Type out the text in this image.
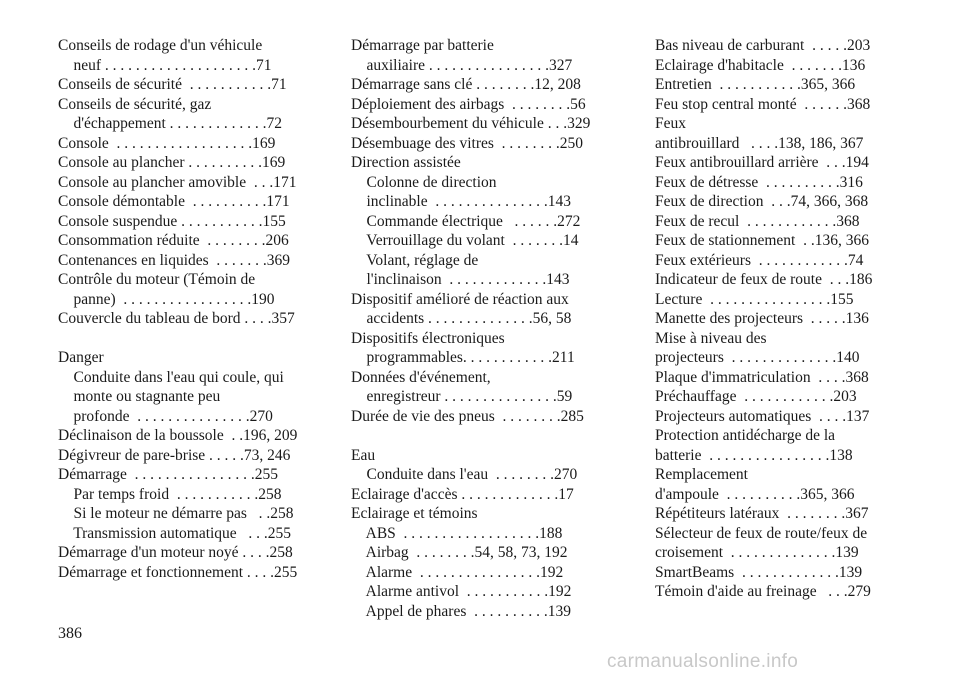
Conseils de rodage d'un véhicule
neuf . . . . . . . . . . . . . . . . . . . .71
Conseils de sécurité  . . . . . . . . . . .71
Conseils de sécurité, gaz
d'échappement . . . . . . . . . . . . .72
Console  . . . . . . . . . . . . . . . . . .169
Console au plancher . . . . . . . . . .169
Console au plancher amovible  . . .171
Console démontable  . . . . . . . . . .171
Console suspendue . . . . . . . . . . .155
Consommation réduite  . . . . . . . .206
Contenances en liquides  . . . . . . .369
Contrôle du moteur (Témoin de
panne)  . . . . . . . . . . . . . . . . .190
Couvercle du tableau de bord . . . .357
Danger
Conduite dans l'eau qui coule, qui
monte ou stagnante peu
profonde  . . . . . . . . . . . . . . .270
Déclinaison de la boussole  . .196, 209
Dégivreur de pare-brise . . . . .73, 246
Démarrage  . . . . . . . . . . . . . . . .255
Par temps froid  . . . . . . . . . . .258
Si le moteur ne démarre pas   . .258
Transmission automatique   . . .255
Démarrage d'un moteur noyé . . . .258
Démarrage et fonctionnement . . . .255
Démarrage par batterie
auxiliaire . . . . . . . . . . . . . . . .327
Démarrage sans clé . . . . . . . .12, 208
Déploiement des airbags  . . . . . . . .56
Désembourbement du véhicule . . .329
Désembuage des vitres  . . . . . . . .250
Direction assistée
Colonne de direction
inclinable  . . . . . . . . . . . . . . .143
Commande électrique   . . . . . .272
Verrouillage du volant  . . . . . . .14
Volant, réglage de
l'inclinaison  . . . . . . . . . . . . .143
Dispositif amélioré de réaction aux
accidents . . . . . . . . . . . . . .56, 58
Dispositifs électroniques
programmables. . . . . . . . . . . .211
Données d'événement,
enregistreur . . . . . . . . . . . . . . .59
Durée de vie des pneus  . . . . . . . .285
Eau
Conduite dans l'eau  . . . . . . . .270
Eclairage d'accès . . . . . . . . . . . . .17
Eclairage et témoins
ABS  . . . . . . . . . . . . . . . . . .188
Airbag  . . . . . . . .54, 58, 73, 192
Alarme  . . . . . . . . . . . . . . . .192
Alarme antivol  . . . . . . . . . . .192
Appel de phares  . . . . . . . . . .139
Bas niveau de carburant  . . . . .203
Eclairage d'habitacle  . . . . . . .136
Entretien  . . . . . . . . . . .365, 366
Feu stop central monté  . . . . . .368
Feux
antibrouillard   . . . .138, 186, 367
Feux antibrouillard arrière  . . .194
Feux de détresse  . . . . . . . . . .316
Feux de direction  . . .74, 366, 368
Feux de recul  . . . . . . . . . . . .368
Feux de stationnement  . .136, 366
Feux extérieurs  . . . . . . . . . . . .74
Indicateur de feux de route  . . .186
Lecture  . . . . . . . . . . . . . . . .155
Manette des projecteurs  . . . . .136
Mise à niveau des
projecteurs  . . . . . . . . . . . . . .140
Plaque d'immatriculation  . . . .368
Préchauffage  . . . . . . . . . . . .203
Projecteurs automatiques  . . . .137
Protection antidécharge de la
batterie  . . . . . . . . . . . . . . . .138
Remplacement
d'ampoule  . . . . . . . . . .365, 366
Répétiteurs latéraux  . . . . . . . .367
Sélecteur de feux de route/feux de
croisement  . . . . . . . . . . . . . .139
SmartBeams  . . . . . . . . . . . . .139
Témoin d'aide au freinage   . . .279
386
carmanualsonline.info
